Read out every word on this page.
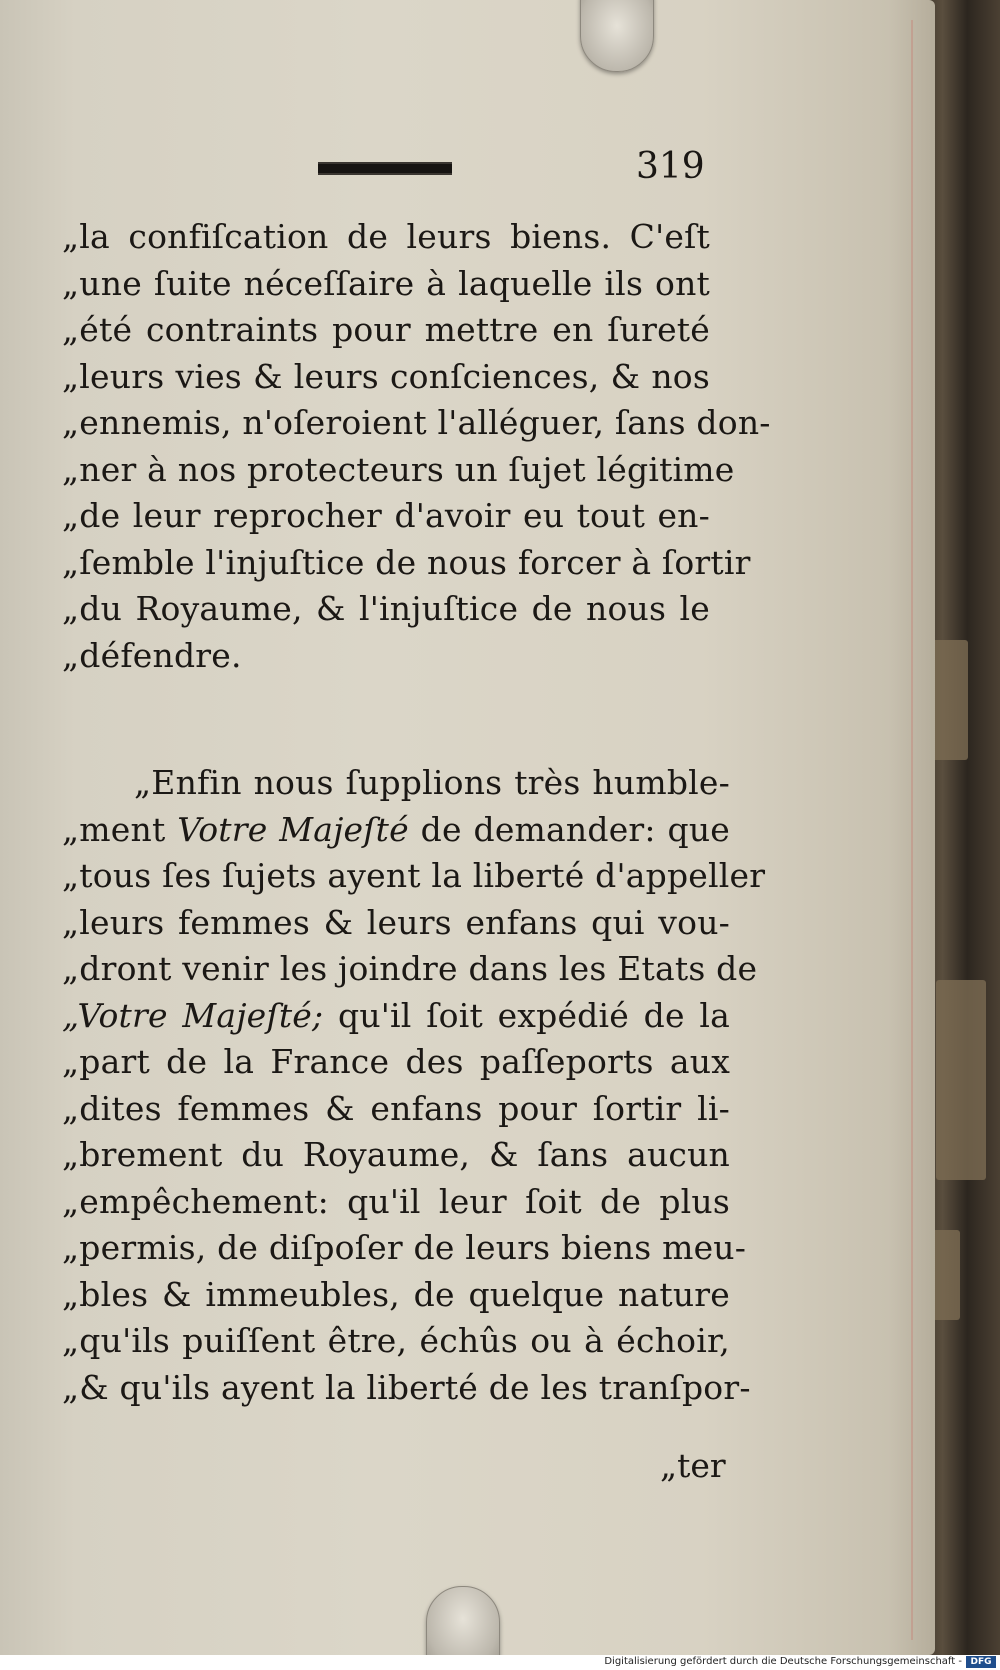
319
„la confiſcation de leurs biens. C'eſt
„une ſuite néceſſaire à laquelle ils ont
„été contraints pour mettre en ſureté
„leurs vies & leurs conſciences, & nos
„ennemis, n'oſeroient l'alléguer, ſans don-
„ner à nos protecteurs un ſujet légitime
„de leur reprocher d'avoir eu tout en-
„ſemble l'injuſtice de nous forcer à ſortir
„du Royaume, & l'injuſtice de nous le
„défendre.
„Enfin nous ſupplions très humble-
„ment Votre Majeſté de demander: que
„tous ſes ſujets ayent la liberté d'appeller
„leurs femmes & leurs enfans qui vou-
„dront venir les joindre dans les Etats de
„Votre Majeſté; qu'il ſoit expédié de la
„part de la France des paſſeports aux
„dites femmes & enfans pour ſortir li-
„brement du Royaume, & ſans aucun
„empêchement: qu'il leur ſoit de plus
„permis, de diſpoſer de leurs biens meu-
„bles & immeubles, de quelque nature
„qu'ils puiſſent être, échûs ou à échoir,
„& qu'ils ayent la liberté de les tranſpor-
„ter
Digitalisierung gefördert durch die Deutsche Forschungsgemeinschaft - DFG
